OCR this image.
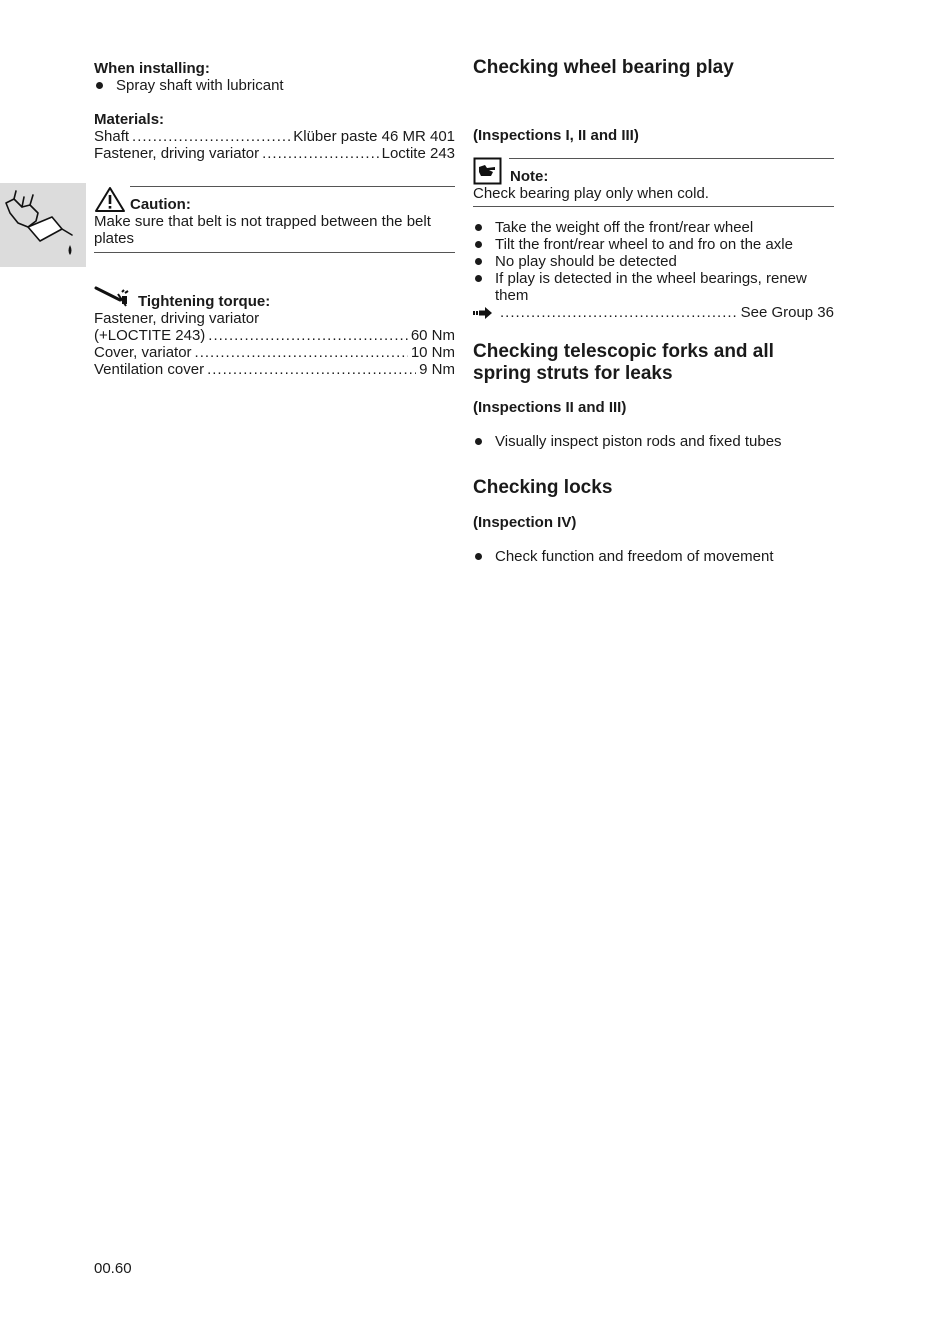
When installing:
Spray shaft with lubricant
Materials:
Shaft .....	Klüber paste 46 MR 401
Fastener, driving variator .....	Loctite 243
Caution:
Make sure that belt is not trapped between the belt plates
Tightening torque:
Fastener, driving variator
(+LOCTITE 243) .....	60 Nm
Cover, variator .....	10 Nm
Ventilation cover .....	9 Nm
Checking wheel bearing play
(Inspections I, II and III)
Note:
Check bearing play only when cold.
Take the weight off the front/rear wheel
Tilt the front/rear wheel to and fro on the axle
No play should be detected
If play is detected in the wheel bearings, renew them
.....
See Group 36
Checking telescopic forks and all spring struts for leaks
(Inspections II and III)
Visually inspect piston rods and fixed tubes
Checking locks
(Inspection IV)
Check function and freedom of movement
00.60
